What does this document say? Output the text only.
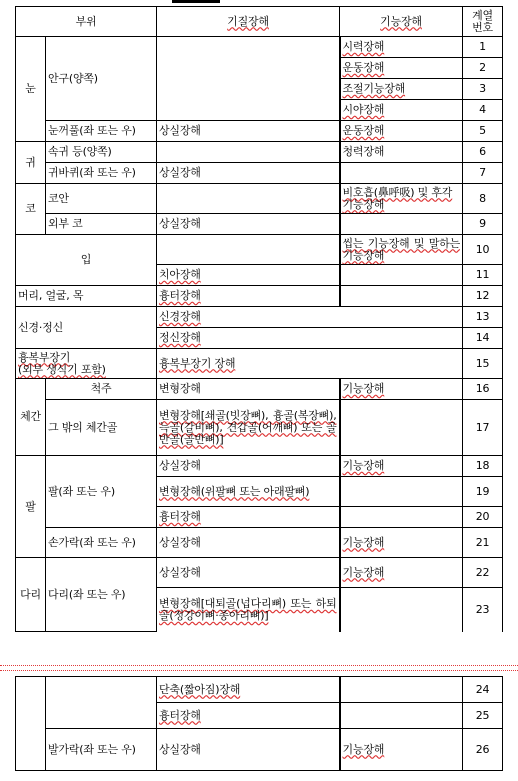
부위		기질장해	기능장해	계열
번호
눈	안구(양쪽)		시력장해	1
			운동장해	2
			조절기능장해	3
			시야장해	4
	눈꺼풀(좌 또는 우)	상실장해	운동장해	5
귀	속귀 등(양쪽)		청력장해	6
	귀바퀴(좌 또는 우)	상실장해		7
코	코안		비호흡(鼻呼吸) 및 후각기능장해	8
	외부 코	상실장해		9
입			씹는 기능장해 및 말하는 기능장해	10
		치아장해		11
머리, 얼굴, 목		흉터장해		12
신경·정신		신경장해		13
		정신장해		14
흉복부장기
(외부 생식기 포함)		흉복부장기 장해		15
체간	척주	변형장해	기능장해	16
	그 밖의 체간골	변형장해[쇄골(빗장뼈), 흉골(복장뼈), 늑골(갈비뼈), 견갑골(어깨뼈) 또는 골반골(골반뼈)]		17
팔	팔(좌 또는 우)	상실장해	기능장해	18
		변형장해(위팔뼈 또는 아래팔뼈)		19
		흉터장해		20
	손가락(좌 또는 우)	상실장해	기능장해	21
다리	다리(좌 또는 우)	상실장해	기능장해	22
		변형장해[대퇴골(넙다리뼈) 또는 하퇴골(정강이뼈·종아리뼈)]		23
		단축(짧아짐)장해		24
		흉터장해		25
	발가락(좌 또는 우)	상실장해	기능장해	26
